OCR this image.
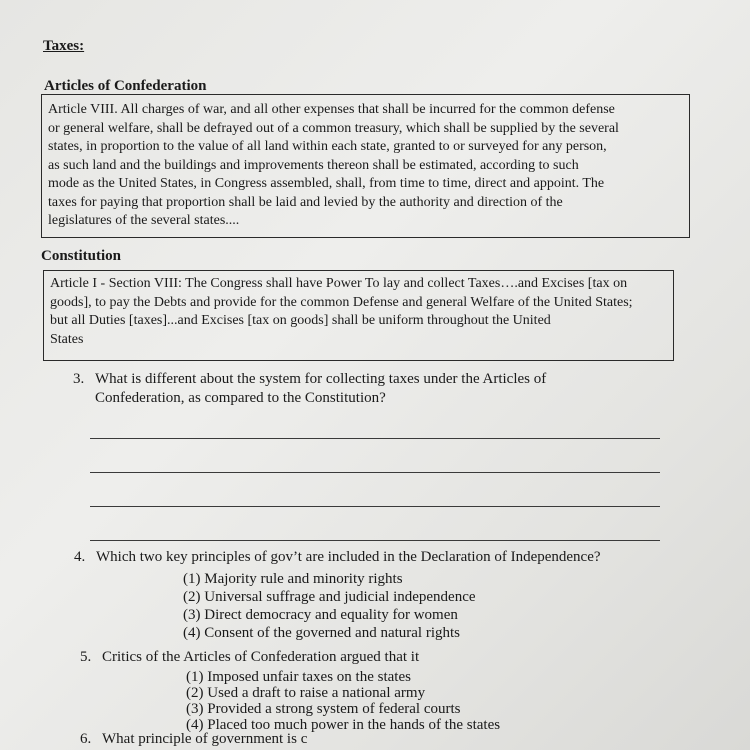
Taxes:
Articles of Confederation

Article VIII. All charges of war, and all other expenses that shall be incurred for the common defense

or general welfare, shall be defrayed out of a common treasury, which shall be supplied by the several

states, in proportion to the value of all land within each state, granted to or surveyed for any person,

as such land and the buildings and improvements thereon shall be estimated, according to such

mode as the United States, in Congress assembled, shall, from time to time, direct and appoint. The

taxes for paying that proportion shall be laid and levied by the authority and direction of the

legislatures of the several states....

Constitution

Article I - Section VIII: The Congress shall have Power To lay and collect Taxes….and Excises [tax on

goods], to pay the Debts and provide for the common Defense and general Welfare of the United States;

but all Duties [taxes]...and Excises [tax on goods] shall be uniform throughout the United

States

3. What is different about the system for collecting taxes under the Articles of
Confederation, as compared to the Constitution?
4. Which two key principles of gov’t are included in the Declaration of Independence?
(1) Majority rule and minority rights
(2) Universal suffrage and judicial independence
(3) Direct democracy and equality for women
(4) Consent of the governed and natural rights
5. Critics of the Articles of Confederation argued that it
(1) Imposed unfair taxes on the states
(2) Used a draft to raise a national army
(3) Provided a strong system of federal courts
(4) Placed too much power in the hands of the states
6. What principle of government is c
